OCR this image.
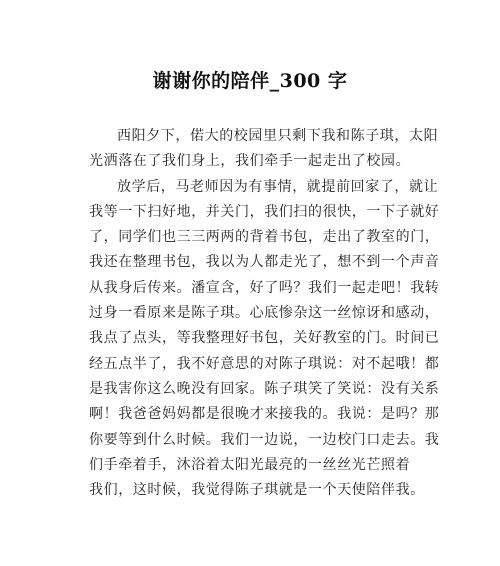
谢谢你的陪伴_300 字
西阳夕下，偌大的校园里只剩下我和陈子琪，太阳
光洒落在了我们身上，我们牵手一起走出了校园。
放学后，马老师因为有事情，就提前回家了，就让
我等一下扫好地，并关门，我们扫的很快，一下子就好
了，同学们也三三两两的背着书包，走出了教室的门，
我还在整理书包，我以为人都走光了，想不到一个声音
从我身后传来。潘宣含，好了吗？我们一起走吧！我转
过身一看原来是陈子琪。心底惨杂这一丝惊讶和感动，
我点了点头，等我整理好书包，关好教室的门。时间已
经五点半了，我不好意思的对陈子琪说：对不起哦！都
是我害你这么晚没有回家。陈子琪笑了笑说：没有关系
啊！我爸爸妈妈都是很晚才来接我的。我说：是吗？那
你要等到什么时候。我们一边说，一边校门口走去。我
们手牵着手，沐浴着太阳光最亮的一丝丝光芒照着
我们，这时候，我觉得陈子琪就是一个天使陪伴我。
